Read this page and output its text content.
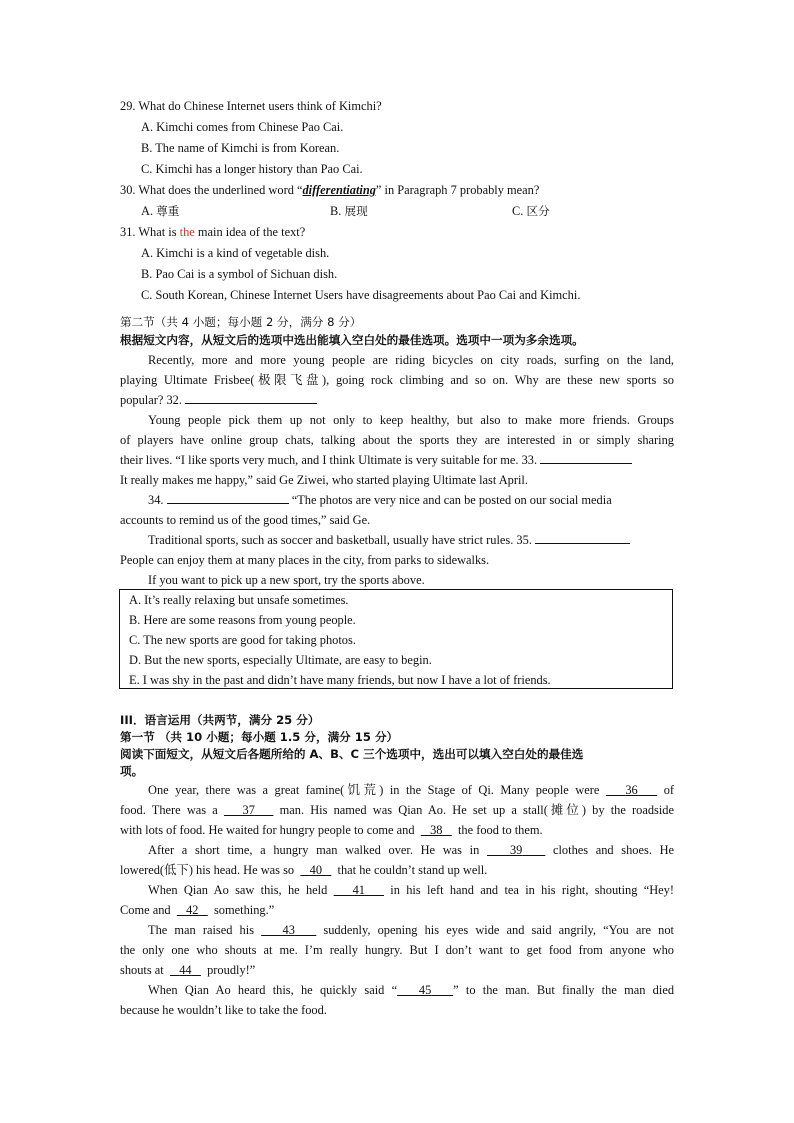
29. What do Chinese Internet users think of Kimchi?
A. Kimchi comes from Chinese Pao Cai.
B. The name of Kimchi is from Korean.
C. Kimchi has a longer history than Pao Cai.
30. What does the underlined word “differentiating” in Paragraph 7 probably mean?
A. 尊重	B. 展现	C. 区分
31. What is the main idea of the text?
A. Kimchi is a kind of vegetable dish.
B. Pao Cai is a symbol of Sichuan dish.
C. South Korean, Chinese Internet Users have disagreements about Pao Cai and Kimchi.
第二节（共 4 小题；每小题 2 分，满分 8 分）
根据短文内容，从短文后的选项中选出能填入空白处的最佳选项。选项中一项为多余选项。
Recently, more and more young people are riding bicycles on city roads, surfing on the land,
playing Ultimate Frisbee(极限飞盘), going rock climbing and so on. Why are these new sports so
popular? 32.
Young people pick them up not only to keep healthy, but also to make more friends. Groups
of players have online group chats, talking about the sports they are interested in or simply sharing
their lives. “I like sports very much, and I think Ultimate is very suitable for me. 33.
It really makes me happy,” said Ge Ziwei, who started playing Ultimate last April.
34.	“The photos are very nice and can be posted on our social media
accounts to remind us of the good times,” said Ge.
Traditional sports, such as soccer and basketball, usually have strict rules. 35.
People can enjoy them at many places in the city, from parks to sidewalks.
If you want to pick up a new sport, try the sports above.
A. It’s really relaxing but unsafe sometimes.
B. Here are some reasons from young people.
C. The new sports are good for taking photos.
D. But the new sports, especially Ultimate, are easy to begin.
E. I was shy in the past and didn’t have many friends, but now I have a lot of friends.
III．语言运用（共两节，满分 25 分）
第一节 （共 10 小题；每小题 1.5 分，满分 15 分）
阅读下面短文，从短文后各题所给的 A、B、C 三个选项中，选出可以填入空白处的最佳选
项。
One year, there was a great famine(饥荒) in the Stage of Qi. Many people were 36 of
food. There was a 37 man. His named was Qian Ao. He set up a stall(摊位) by the roadside
with lots of food. He waited for hungry people to come and 38 the food to them.
After a short time, a hungry man walked over. He was in 39 clothes and shoes. He
lowered(低下) his head. He was so 40 that he couldn’t stand up well.
When Qian Ao saw this, he held 41 in his left hand and tea in his right, shouting “Hey!
Come and 42 something.”
The man raised his 43 suddenly, opening his eyes wide and said angrily, “You are not
the only one who shouts at me. I’m really hungry. But I don’t want to get food from anyone who
shouts at 44 proudly!”
When Qian Ao heard this, he quickly said “ 45 ” to the man. But finally the man died
because he wouldn’t like to take the food.
